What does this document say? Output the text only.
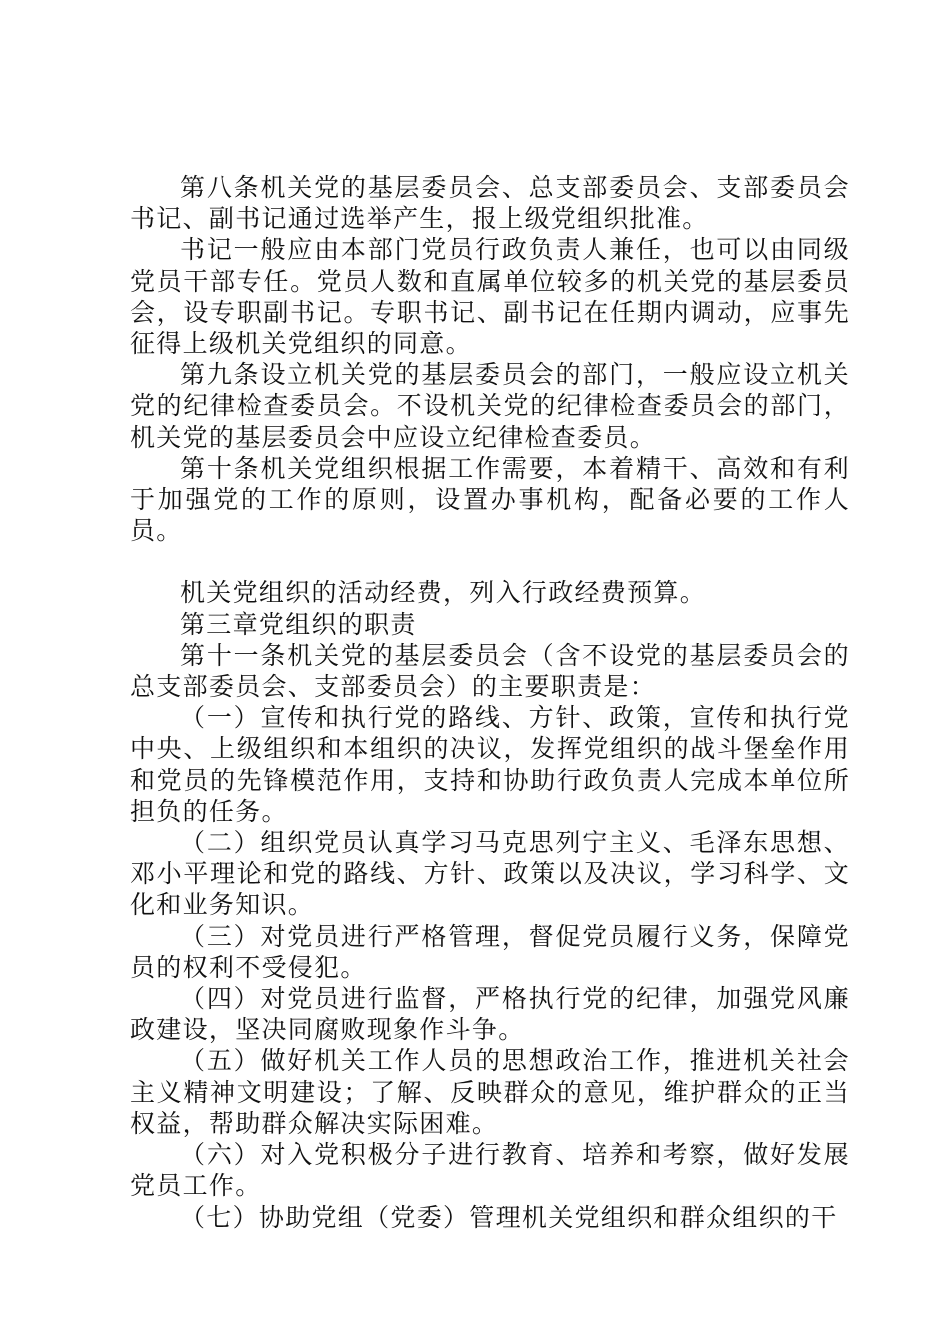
第八条机关党的基层委员会、总支部委员会、支部委员会书记、副书记通过选举产生，报上级党组织批准。

书记一般应由本部门党员行政负责人兼任，也可以由同级党员干部专任。党员人数和直属单位较多的机关党的基层委员会，设专职副书记。专职书记、副书记在任期内调动，应事先征得上级机关党组织的同意。

第九条设立机关党的基层委员会的部门，一般应设立机关党的纪律检查委员会。不设机关党的纪律检查委员会的部门，机关党的基层委员会中应设立纪律检查委员。

第十条机关党组织根据工作需要，本着精干、高效和有利于加强党的工作的原则，设置办事机构，配备必要的工作人员。

机关党组织的活动经费，列入行政经费预算。

第三章党组织的职责

第十一条机关党的基层委员会（含不设党的基层委员会的总支部委员会、支部委员会）的主要职责是：

（一）宣传和执行党的路线、方针、政策，宣传和执行党中央、上级组织和本组织的决议，发挥党组织的战斗堡垒作用和党员的先锋模范作用，支持和协助行政负责人完成本单位所担负的任务。

（二）组织党员认真学习马克思列宁主义、毛泽东思想、邓小平理论和党的路线、方针、政策以及决议，学习科学、文化和业务知识。

（三）对党员进行严格管理，督促党员履行义务，保障党员的权利不受侵犯。

（四）对党员进行监督，严格执行党的纪律，加强党风廉政建设，坚决同腐败现象作斗争。

（五）做好机关工作人员的思想政治工作，推进机关社会主义精神文明建设；了解、反映群众的意见，维护群众的正当权益，帮助群众解决实际困难。

（六）对入党积极分子进行教育、培养和考察，做好发展党员工作。

（七）协助党组（党委）管理机关党组织和群众组织的干
